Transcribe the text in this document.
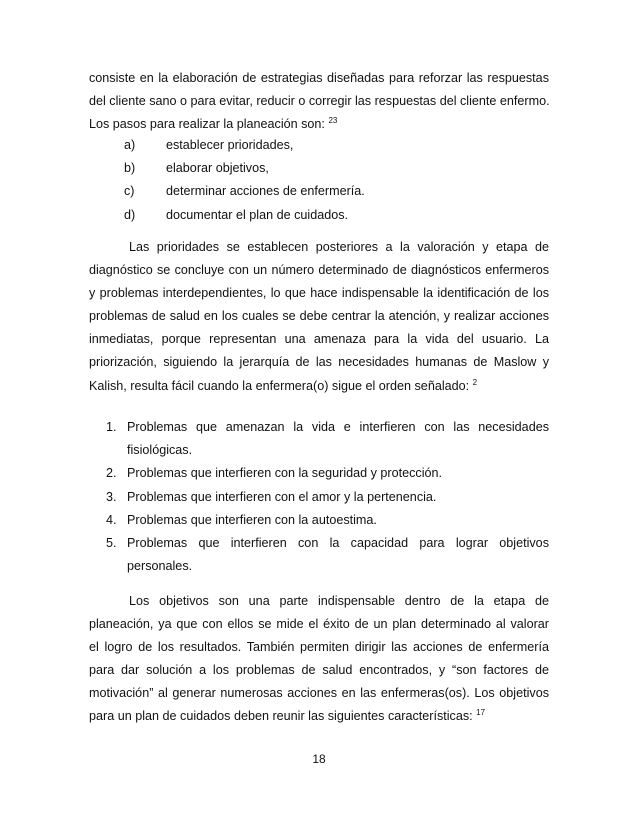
consiste en la elaboración de estrategias diseñadas para reforzar las respuestas
del cliente sano o para evitar, reducir o corregir las respuestas del cliente enfermo.
Los pasos para realizar la planeación son: $^{23}$

a) establecer prioridades,
b) elaborar objetivos,
c)	determinar acciones de enfermería.
d) documentar el plan de cuidados.

Las prioridades se establecen posteriores a la valoración y etapa de
diagnóstico se concluye con un número determinado de diagnósticos enfermeros
y problemas interdependientes, lo que hace indispensable la identificación de los
problemas de salud en los cuales se debe centrar la atención, y realizar acciones
inmediatas, porque representan una amenaza para la vida del usuario. La
priorización, siguiendo la jerarquía de las necesidades humanas de Maslow y
Kalish, resulta fácil cuando la enfermera(o) sigue el orden señalado: $^2$

1. Problemas que amenazan la vida e interfieren con las necesidades fisiológicas.
2. Problemas que interfieren con la seguridad y protección.
3. Problemas que interfieren con el amor y la pertenencia.
4. Problemas que interfieren con la autoestima.
5. Problemas que interfieren con la capacidad para lograr objetivos personales.

Los objetivos son una parte indispensable dentro de la etapa de
planeación, ya que con ellos se mide el éxito de un plan determinado al valorar
el logro de los resultados. También permiten dirigir las acciones de enfermería
para dar solución a los problemas de salud encontrados, y “son factores de
motivación” al generar numerosas acciones en las enfermeras(os). Los objetivos
para un plan de cuidados deben reunir las siguientes características: $^{17}$

18
